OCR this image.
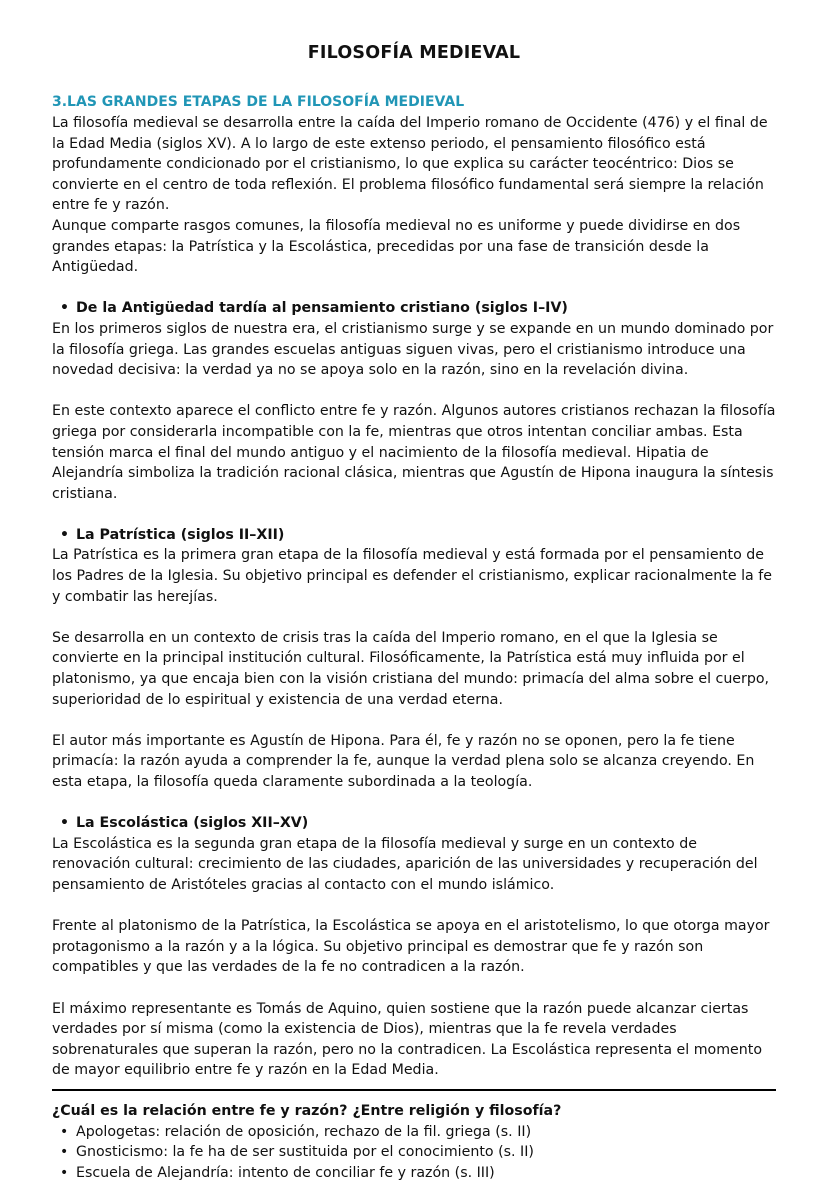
FILOSOFÍA MEDIEVAL
3.LAS GRANDES ETAPAS DE LA FILOSOFÍA MEDIEVAL

La filosofía medieval se desarrolla entre la caída del Imperio romano de Occidente (476) y el final de la Edad Media (siglos XV). A lo largo de este extenso periodo, el pensamiento filosófico está profundamente condicionado por el cristianismo, lo que explica su carácter teocéntrico: Dios se convierte en el centro de toda reflexión. El problema filosófico fundamental será siempre la relación entre fe y razón.

Aunque comparte rasgos comunes, la filosofía medieval no es uniforme y puede dividirse en dos grandes etapas: la Patrística y la Escolástica, precedidas por una fase de transición desde la Antigüedad.

• De la Antigüedad tardía al pensamiento cristiano (siglos I–IV)

En los primeros siglos de nuestra era, el cristianismo surge y se expande en un mundo dominado por la filosofía griega. Las grandes escuelas antiguas siguen vivas, pero el cristianismo introduce una novedad decisiva: la verdad ya no se apoya solo en la razón, sino en la revelación divina.

En este contexto aparece el conflicto entre fe y razón. Algunos autores cristianos rechazan la filosofía griega por considerarla incompatible con la fe, mientras que otros intentan conciliar ambas. Esta tensión marca el final del mundo antiguo y el nacimiento de la filosofía medieval. Hipatia de Alejandría simboliza la tradición racional clásica, mientras que Agustín de Hipona inaugura la síntesis cristiana.

• La Patrística (siglos II–XII)

La Patrística es la primera gran etapa de la filosofía medieval y está formada por el pensamiento de los Padres de la Iglesia. Su objetivo principal es defender el cristianismo, explicar racionalmente la fe y combatir las herejías.

Se desarrolla en un contexto de crisis tras la caída del Imperio romano, en el que la Iglesia se convierte en la principal institución cultural. Filosóficamente, la Patrística está muy influida por el platonismo, ya que encaja bien con la visión cristiana del mundo: primacía del alma sobre el cuerpo, superioridad de lo espiritual y existencia de una verdad eterna.

El autor más importante es Agustín de Hipona. Para él, fe y razón no se oponen, pero la fe tiene primacía: la razón ayuda a comprender la fe, aunque la verdad plena solo se alcanza creyendo. En esta etapa, la filosofía queda claramente subordinada a la teología.

• La Escolástica (siglos XII–XV)

La Escolástica es la segunda gran etapa de la filosofía medieval y surge en un contexto de renovación cultural: crecimiento de las ciudades, aparición de las universidades y recuperación del pensamiento de Aristóteles gracias al contacto con el mundo islámico.

Frente al platonismo de la Patrística, la Escolástica se apoya en el aristotelismo, lo que otorga mayor protagonismo a la razón y a la lógica. Su objetivo principal es demostrar que fe y razón son compatibles y que las verdades de la fe no contradicen a la razón.

El máximo representante es Tomás de Aquino, quien sostiene que la razón puede alcanzar ciertas verdades por sí misma (como la existencia de Dios), mientras que la fe revela verdades sobrenaturales que superan la razón, pero no la contradicen. La Escolástica representa el momento de mayor equilibrio entre fe y razón en la Edad Media.

¿Cuál es la relación entre fe y razón? ¿Entre religión y filosofía?

• Apologetas: relación de oposición, rechazo de la fil. griega (s. II)
• Gnosticismo: la fe ha de ser sustituida por el conocimiento (s. II)
• Escuela de Alejandría: intento de conciliar fe y razón (s. III)
